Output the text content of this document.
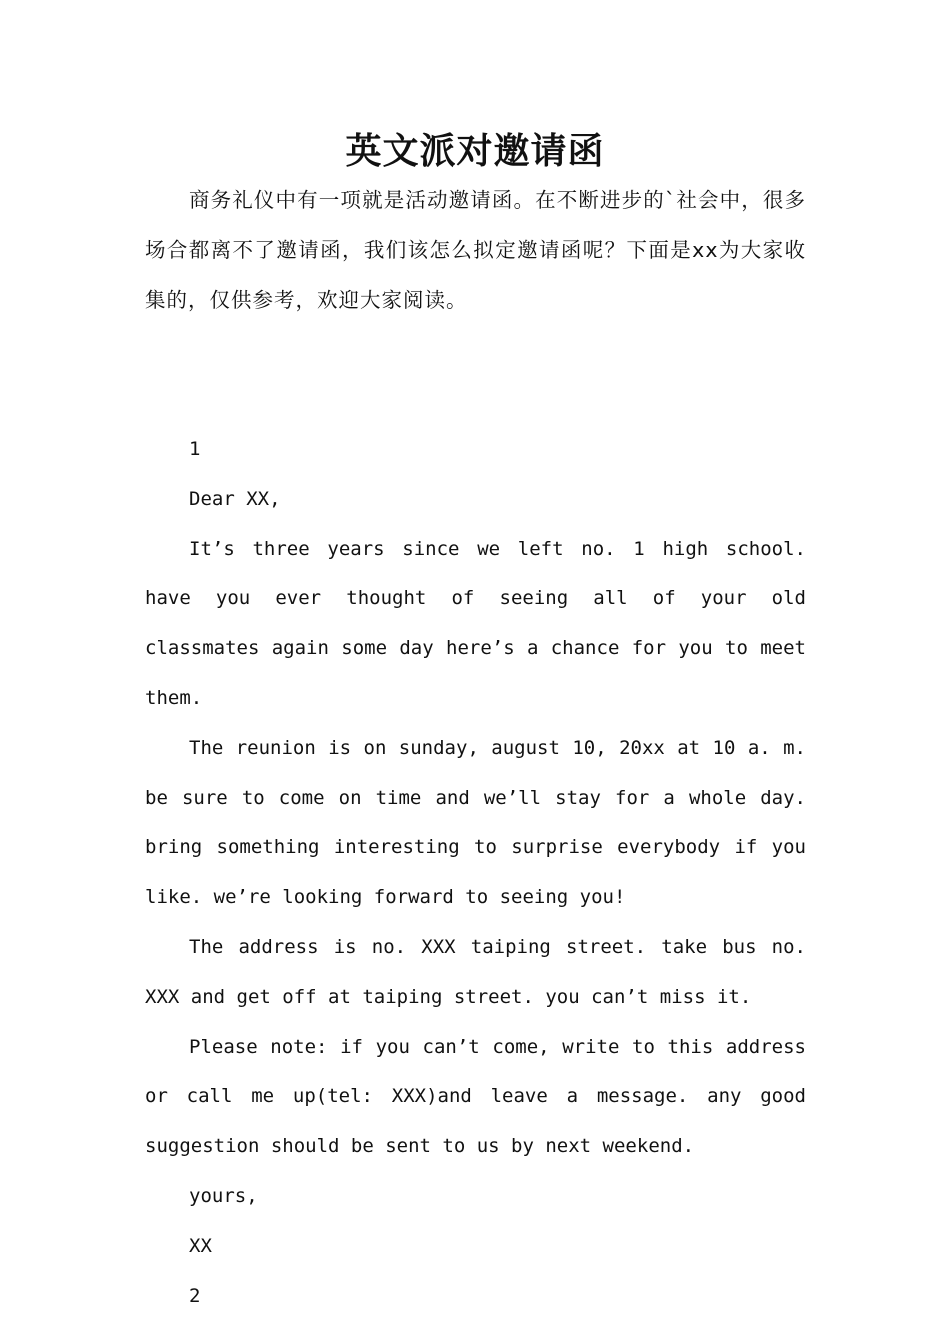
英文派对邀请函

商务礼仪中有一项就是活动邀请函。在不断进步的`社会中，很多场合都离不了邀请函，我们该怎么拟定邀请函呢？下面是xx为大家收集的，仅供参考，欢迎大家阅读。

1

Dear XX,

It’s three years since we left no. 1 high school. have you ever thought of seeing all of your old classmates again some day here’s a chance for you to meet them.

The reunion is on sunday, august 10, 20xx at 10 a. m. be sure to come on time and we’ll stay for a whole day. bring something interesting to surprise everybody if you like. we’re looking forward to seeing you!

The address is no. XXX taiping street. take bus no. XXX and get off at taiping street. you can’t miss it.

Please note: if you can’t come, write to this address or call me up(tel: XXX)and leave a message. any good suggestion should be sent to us by next weekend.

yours,

XX

2
